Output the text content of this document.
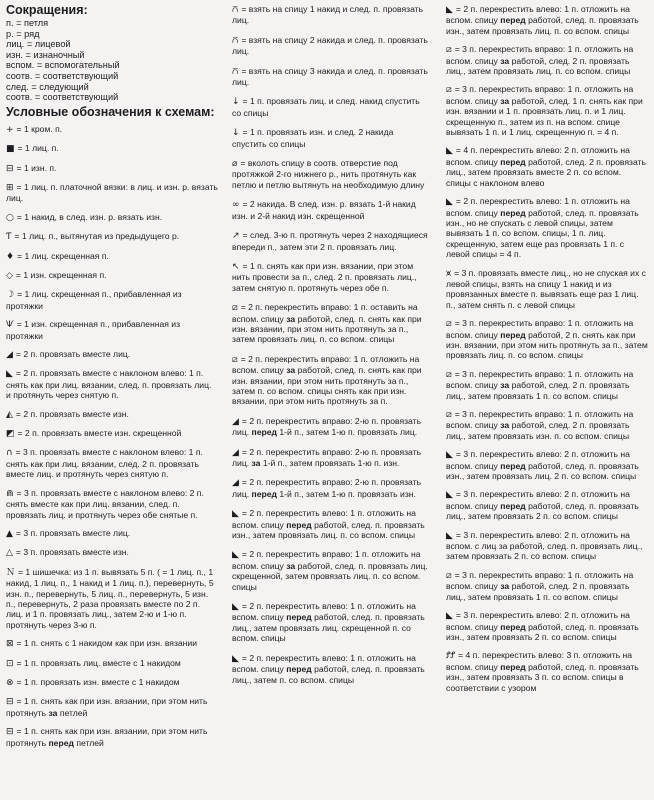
Сокращения:
п. = петля
р. = ряд
лиц. = лицевой
изн. = изнаночный
вспом. = вспомогательный
соотв. = соответствующий
след. = следующий
соотв. = соответствующий
Условные обозначения к схемам:
+ = 1 кром. п.
■ = 1 лиц. п.
⊟ = 1 изн. п.
⊞ = 1 лиц. п. платочной вязки: в лиц. и изн. р. вязать лиц.
○ = 1 накид, в след. изн. р. вязать изн.
Ƭ = 1 лиц. п., вытянутая из предыдущего р.
♦ = 1 лиц. скрещенная п.
◇ = 1 изн. скрещенная п.
☽ = 1 лиц. скрещенная п., прибавленная из протяжки
Ѱ = 1 изн. скрещенная п., прибавленная из протяжки
◢ = 2 п. провязать вместе лиц.
◣ = 2 п. провязать вместе с наклоном влево: 1 п. снять как при лиц. вязании, след. п. провязать лиц. и протянуть через снятую п.
◭ = 2 п. провязать вместе изн.
◩ = 2 п. провязать вместе изн. скрещенной
∩ = 3 п. провязать вместе с наклоном влево: 1 п. снять как при лиц. вязании, след. 2 п. провязать вместе лиц. и протянуть через снятую п.
⋒ = 3 п. провязать вместе с наклоном влево: 2 п. снять вместе как при лиц. вязании, след. п. провязать лиц. и протянуть через обе снятые п.
▲ = 3 п. провязать вместе лиц.
△ = 3 п. провязать вместе изн.
Ｎ = 1 шишечка: из 1 п. вывязать 5 п. ( = 1 лиц. п., 1 накид, 1 лиц. п., 1 накид и 1 лиц. п.), перевернуть, 5 изн. п., перевернуть, 5 лиц. п., перевернуть, 5 изн. п., перевернуть, 2 раза провязать вместе по 2 п. лиц. и 1 п. провязать лиц., затем 2-ю и 1-ю п. протянуть через 3-ю п.
⊠ = 1 п. снять с 1 накидом как при изн. вязании
⊡ = 1 п. провязать лиц. вместе с 1 накидом
⊗ = 1 п. провязать изн. вместе с 1 накидом
⊟ = 1 п. снять как при изн. вязании, при этом нить протянуть за петлей
⊟ = 1 п. снять как при изн. вязании, при этом нить протянуть перед петлей
⩃ = взять на спицу 1 накид и след. п. провязать лиц.
⩃ = взять на спицу 2 накида и след. п. провязать лиц.
⩃ = взять на спицу 3 накида и след. п. провязать лиц.
↓ = 1 п. провязать лиц. и след. накид спустить со спицы
↓ = 1 п. провязать изн. и след. 2 накида спустить со спицы
⌀ = вколоть спицу в соотв. отверстие под протяжкой 2-го нижнего р., нить протянуть как петлю и петлю вытянуть на необходимую длину
∞ = 2 накида. В след. изн. р. вязать 1-й накид изн. и 2-й накид изн. скрещенной
↗ = след. 3-ю п. протянуть через 2 находящиеся впереди п., затем эти 2 п. провязать лиц.
↖ = 1 п. снять как при изн. вязании, при этом нить провести за п., след. 2 п. провязать лиц., затем снятую п. протянуть через обе п.
⧄ = 2 п. перекрестить вправо: 1 п. оставить на вспом. спицу за работой, след. п. снять как при изн. вязании, при этом нить протянуть за п., затем провязать лиц. п. со вспом. спицы
⧄ = 2 п. перекрестить вправо: 1 п. отложить на вспом. спицу за работой, след. п. снять как при изн. вязании, при этом нить протянуть за п., затем п. со вспом. спицы снять как при изн. вязании, при этом нить протянуть за п.
◢ = 2 п. перекрестить вправо: 2-ю п. провязать лиц. перед 1-й п., затем 1-ю п. провязать лиц.
◢ = 2 п. перекрестить вправо: 2-ю п. провязать лиц. за 1-й п., затем провязать 1-ю п. изн.
◢ = 2 п. перекрестить вправо: 2-ю п. провязать лиц. перед 1-й п., затем 1-ю п. провязать изн.
◣ = 2 п. перекрестить влево: 1 п. отложить на вспом. спицу перед работой, след. п. провязать изн., затем провязать лиц. п. со вспом. спицы
◣ = 2 п. перекрестить вправо: 1 п. отложить на вспом. спицу за работой, след. п. провязать лиц. скрещенной, затем провязать лиц. п. со вспом. спицы
◣ = 2 п. перекрестить влево: 1 п. отложить на вспом. спицу перед работой, след. п. провязать лиц., затем провязать лиц. скрещенной п. со вспом. спицы
◣ = 2 п. перекрестить влево: 1 п. отложить на вспом. спицу перед работой, след. п. провязать лиц., затем п. со вспом. спицы
◣ = 2 п. перекрестить влево: 1 п. отложить на вспом. спицу перед работой, след. п. провязать изн., затем провязать лиц. п. со вспом. спицы
⧄ = 3 п. перекрестить вправо: 1 п. отложить на вспом. спицу за работой, след. 2 п. провязать лиц., затем провязать лиц. п. со вспом. спицы
⧄ = 3 п. перекрестить вправо: 1 п. отложить на вспом. спицу за работой, след. 1 п. снять как при изн. вязании и 1 п. провязать лиц. п. и 1 лиц. скрещенную п., затем из п. на вспом. спице вывязать 1 п. и 1 лиц. скрещенную п. = 4 п.
◣ = 4 п. перекрестить влево: 2 п. отложить на вспом. спицу перед работой, след. 2 п. провязать лиц., затем провязать вместе 2 п. со вспом. спицы с наклоном влево
◣ = 2 п. перекрестить влево: 1 п. отложить на вспом. спицу перед работой, след. п. провязать изн., но не спускать с левой спицы, затем вывязать 1 п. со вспом. спицы, 1 п. лиц. скрещенную, затем еще раз провязать 1 п. с левой спицы = 4 п.
⩙ = 3 п. провязать вместе лиц., но не спуская их с левой спицы, взять на спицу 1 накид и из провязанных вместе п. вывязать еще раз 1 лиц. п., затем снять п. с левой спицы
⧄ = 3 п. перекрестить вправо: 1 п. отложить на вспом. спицу перед работой, 2 п. снять как при изн. вязании, при этом нить протянуть за п., затем провязать лиц. п. со вспом. спицы
⧄ = 3 п. перекрестить вправо: 1 п. отложить на вспом. спицу за работой, след. 2 п. провязать лиц., затем провязать 1 п. со вспом. спицы
⧄ = 3 п. перекрестить вправо: 1 п. отложить на вспом. спицу за работой, след. 2 п. провязать лиц., затем провязать изн. п. со вспом. спицы
◣ = 3 п. перекрестить влево: 2 п. отложить на вспом. спицу перед работой, след. п. провязать изн., затем провязать лиц. 2 п. со вспом. спицы
◣ = 3 п. перекрестить влево: 2 п. отложить на вспом. спицу перед работой, след. п. провязать лиц., затем провязать 2 п. со вспом. спицы
◣ = 3 п. перекрестить влево: 2 п. отложить на вспом. с лиц за работой, след. п. провязать лиц., затем провязать 2 п. со вспом. спицы
⧄ = 3 п. перекрестить вправо: 1 п. отложить на вспом. спицу за работой, след. 2 п. провязать лиц., затем провязать 1 п. со вспом. спицы
◣ = 3 п. перекрестить влево: 2 п. отложить на вспом. спицу перед работой, след. п. провязать изн., затем провязать 2 п. со вспом. спицы
ꝬꝬ = 4 п. перекрестить влево: 3 п. отложить на вспом. спицу перед работой, след. п. провязать изн., затем провязать 3 п. со вспом. спицы в соответствии с узором
